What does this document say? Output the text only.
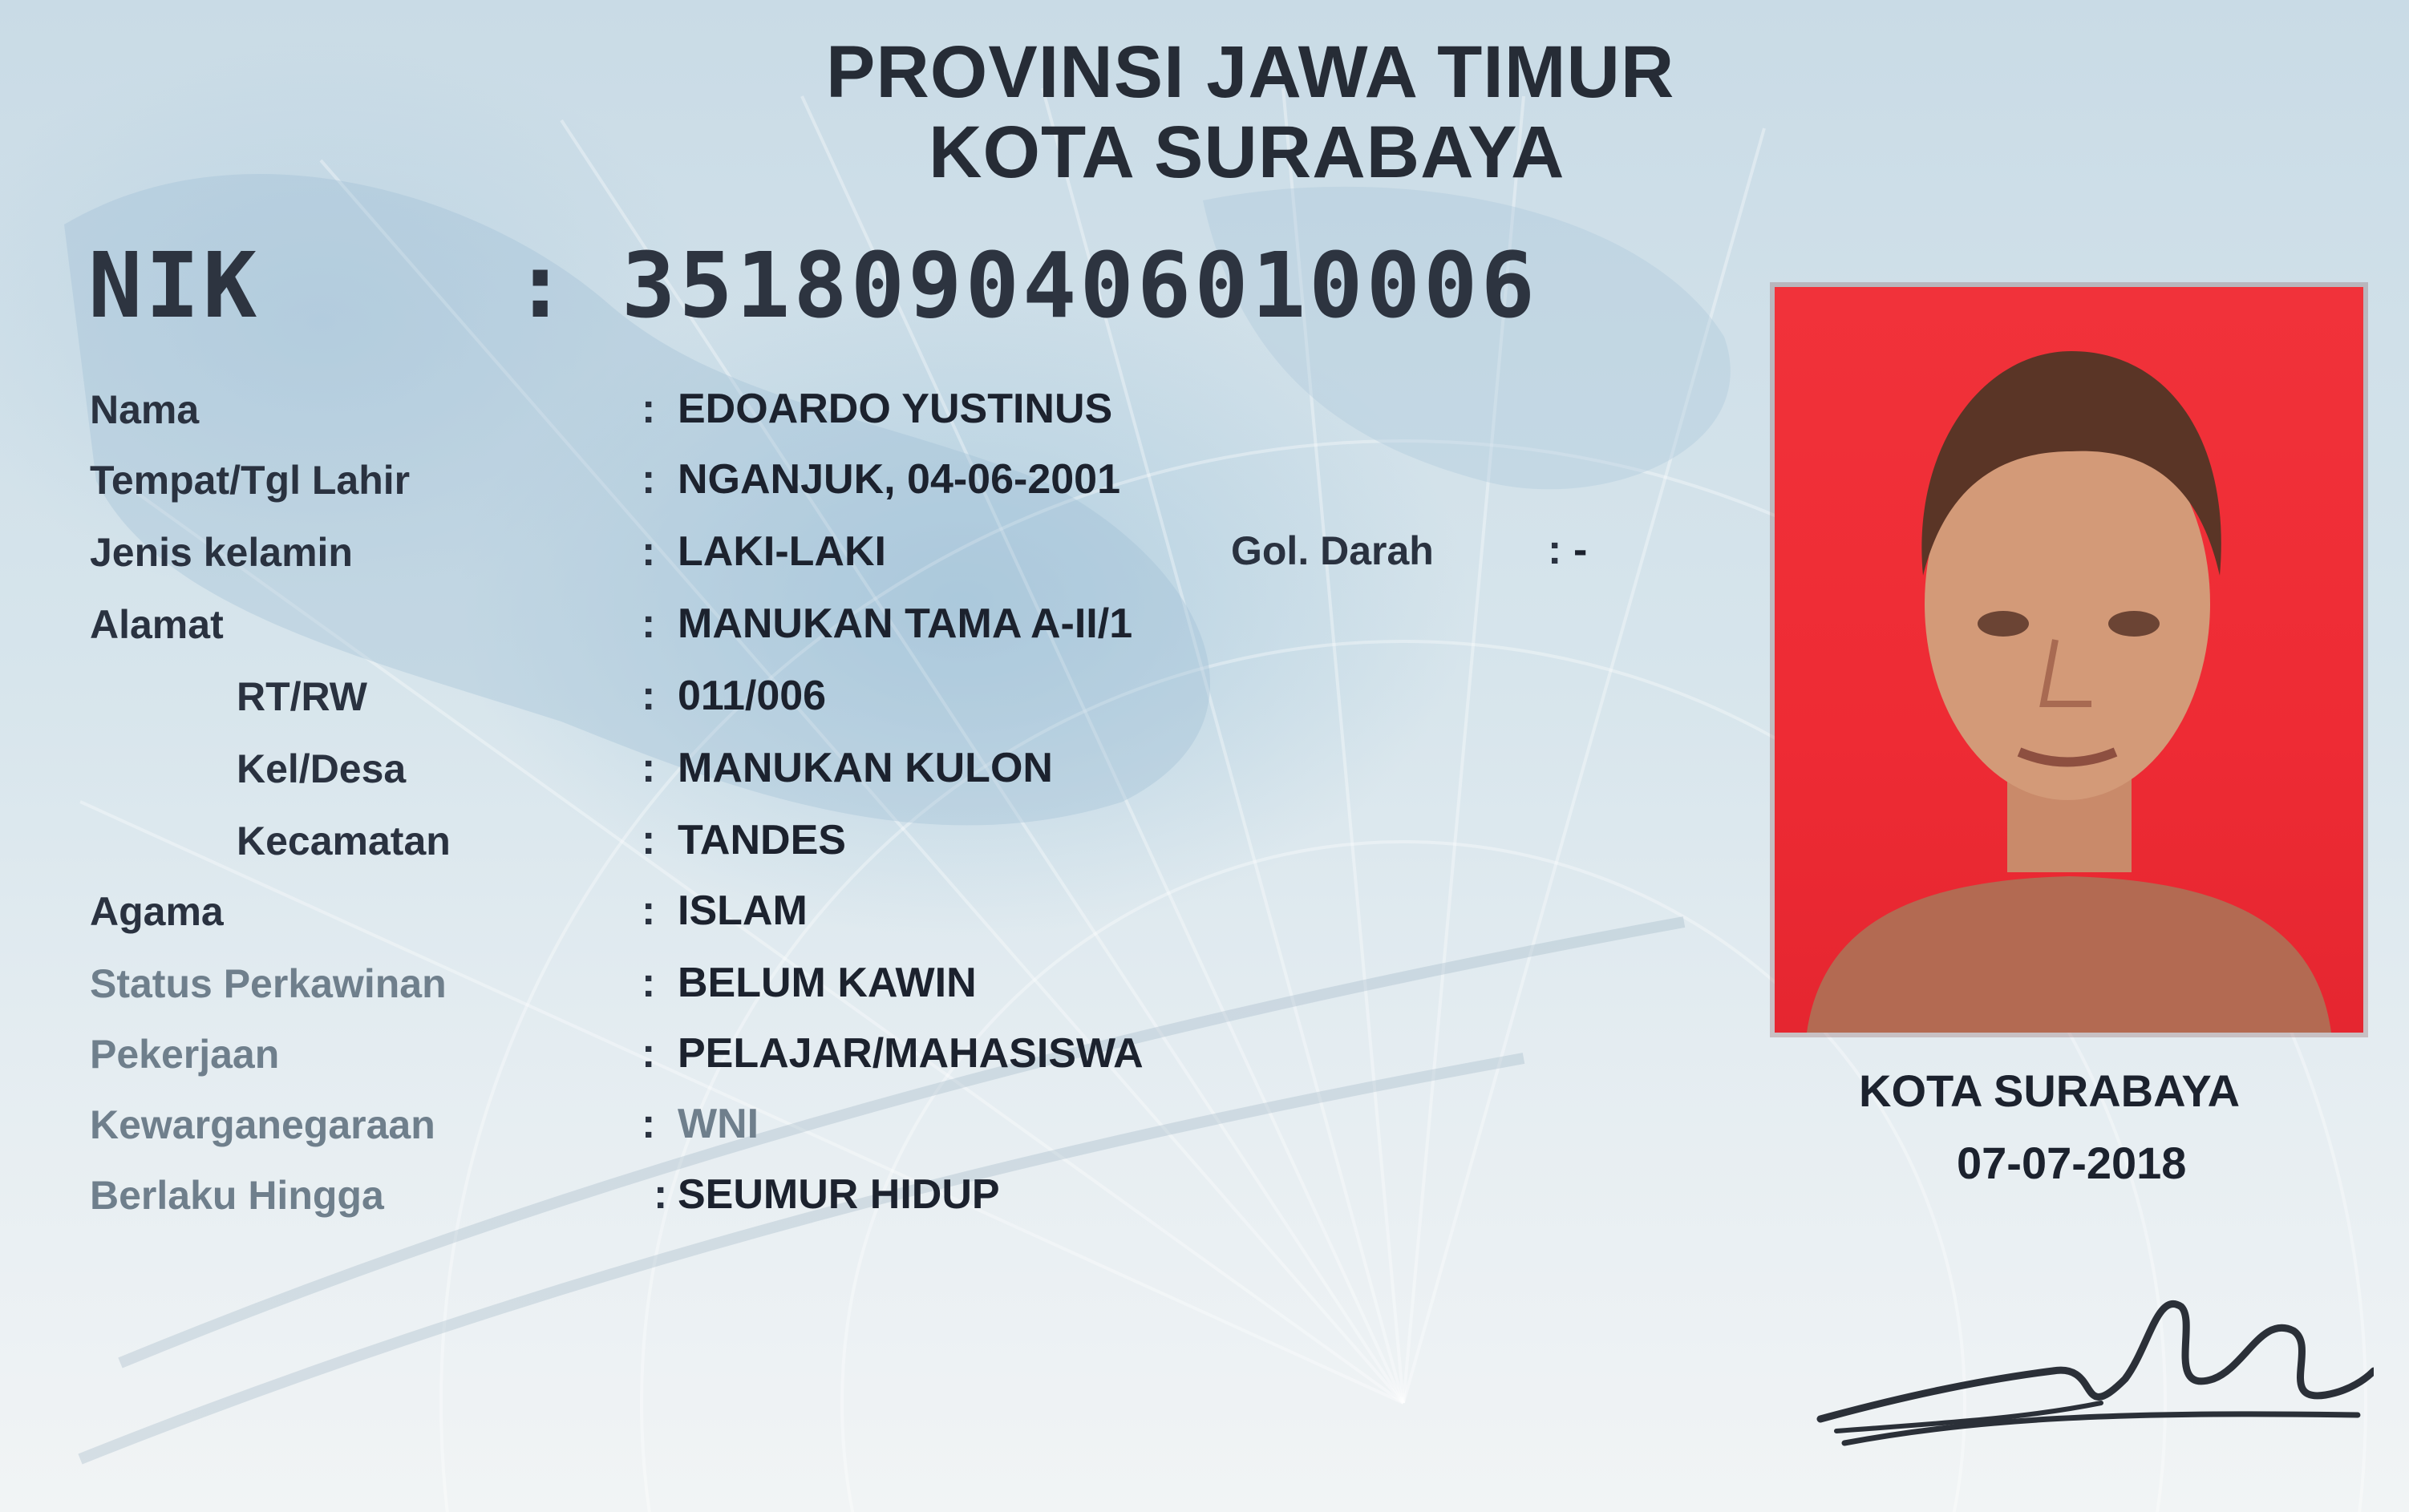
PROVINSI JAWA TIMUR
KOTA SURABAYA
NIK	: 3518090406010006
Nama	: EDOARDO YUSTINUS
Tempat/Tgl Lahir	: NGANJUK, 04-06-2001
Jenis kelamin	: LAKI-LAKI	Gol. Darah	: -
Alamat	: MANUKAN TAMA A-II/1
RT/RW	: 011/006
Kel/Desa	: MANUKAN KULON
Kecamatan	: TANDES
Agama	: ISLAM
Status Perkawinan	: BELUM KAWIN
Pekerjaan	: PELAJAR/MAHASISWA
Kewarganegaraan	: WNI
Berlaku Hingga	: SEUMUR HIDUP
KOTA SURABAYA
07-07-2018
